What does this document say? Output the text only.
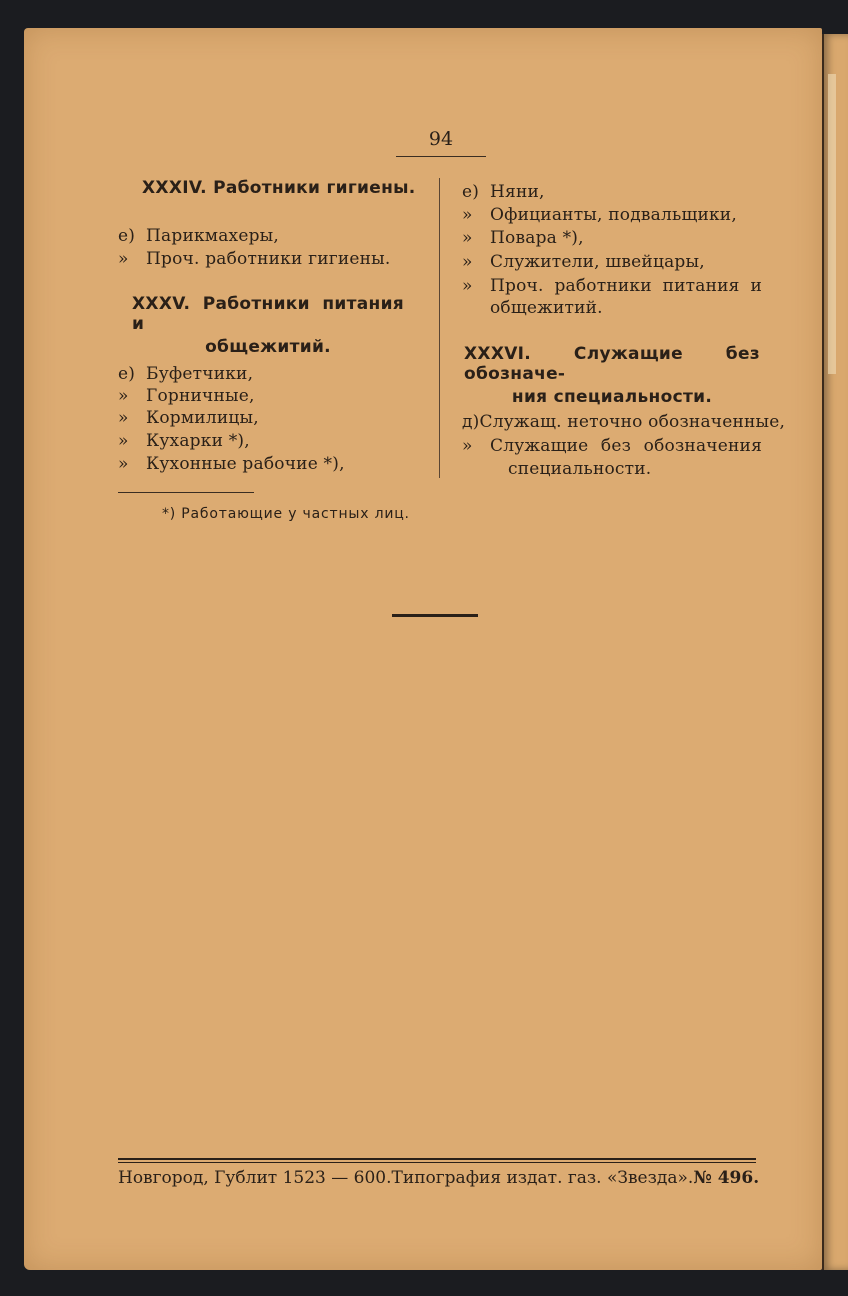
94
XXXIV. Работники гигиены.
е) Парикмахеры,
» Проч. работники гигиены.
XXXV. Работники питания и
общежитий.
е) Буфетчики,
» Горничные,
» Кормилицы,
» Кухарки *),
» Кухонные рабочие *),
е) Няни,
» Официанты, подвальщики,
» Повара *),
» Служители, швейцары,
»	Проч. работники питания и
общежитий.
XXXVI. Служащие без обозначе-
ния специальности.
д) Служащ. неточно обозначенные,
»	Служащие без обозначения
специальности.
*) Работающие у частных лиц.
Новгород, Гублит 1523 — 600. Типография издат. газ. «Звезда». № 496.
